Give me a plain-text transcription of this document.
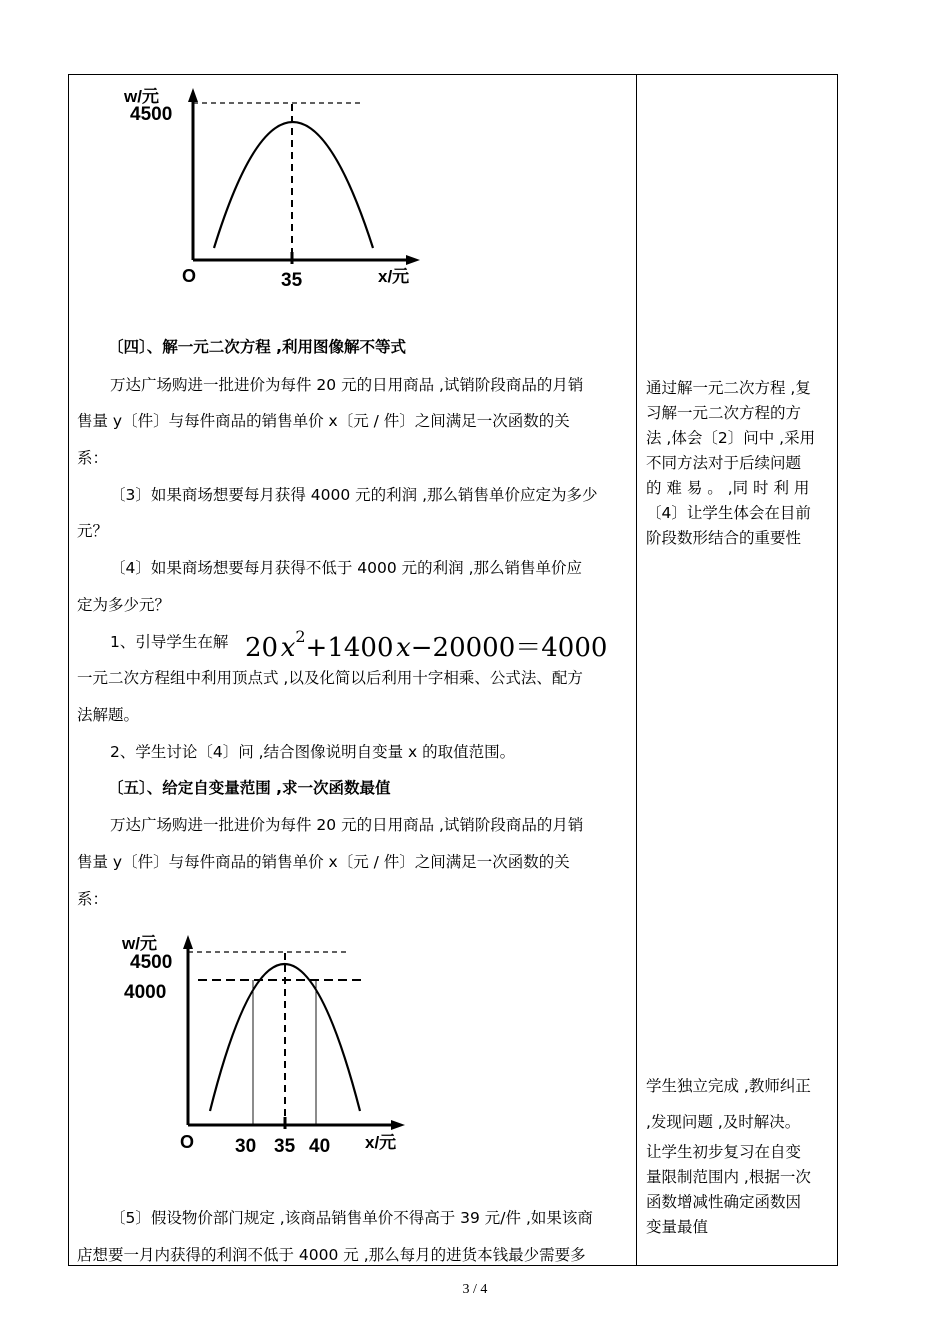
w/元
4500
O	35	x/元
〔四〕、解一元二次方程 ,利用图像解不等式
万达广场购进一批进价为每件 20 元的日用商品 ,试销阶段商品的月销
售量 y〔件〕与每件商品的销售单价 x〔元 / 件〕之间满足一次函数的关
系：
〔3〕如果商场想要每月获得 4000 元的利润 ,那么销售单价应定为多少
元？
〔4〕如果商场想要每月获得不低于 4000 元的利润 ,那么销售单价应
定为多少元？
1、引导学生在解 20 $x^2+1400$ x−20000＝4000
一元二次方程组中利用顶点式 ,以及化简以后利用十字相乘、公式法、配方
法解题。
2、学生讨论〔4〕问 ,结合图像说明自变量 x 的取值范围。
〔五〕、给定自变量范围 ,求一次函数最值
万达广场购进一批进价为每件 20 元的日用商品 ,试销阶段商品的月销
售量 y〔件〕与每件商品的销售单价 x〔元 / 件〕之间满足一次函数的关
系：
w/元
4500
4000
O 30 35 40 x/元
〔5〕假设物价部门规定 ,该商品销售单价不得高于 39 元/件 ,如果该商
店想要一月内获得的利润不低于 4000 元 ,那么每月的进货本钱最少需要多
通过解一元二次方程 ,复
习解一元二次方程的方
法 ,体会〔2〕问中 ,采用
不同方法对于后续问题
的 难 易 。 ,同 时 利 用
〔4〕让学生体会在目前
阶段数形结合的重要性
学生独立完成 ,教师纠正
,发现问题 ,及时解决。
让学生初步复习在自变
量限制范围内 ,根据一次
函数增减性确定函数因
变量最值
3 / 4
